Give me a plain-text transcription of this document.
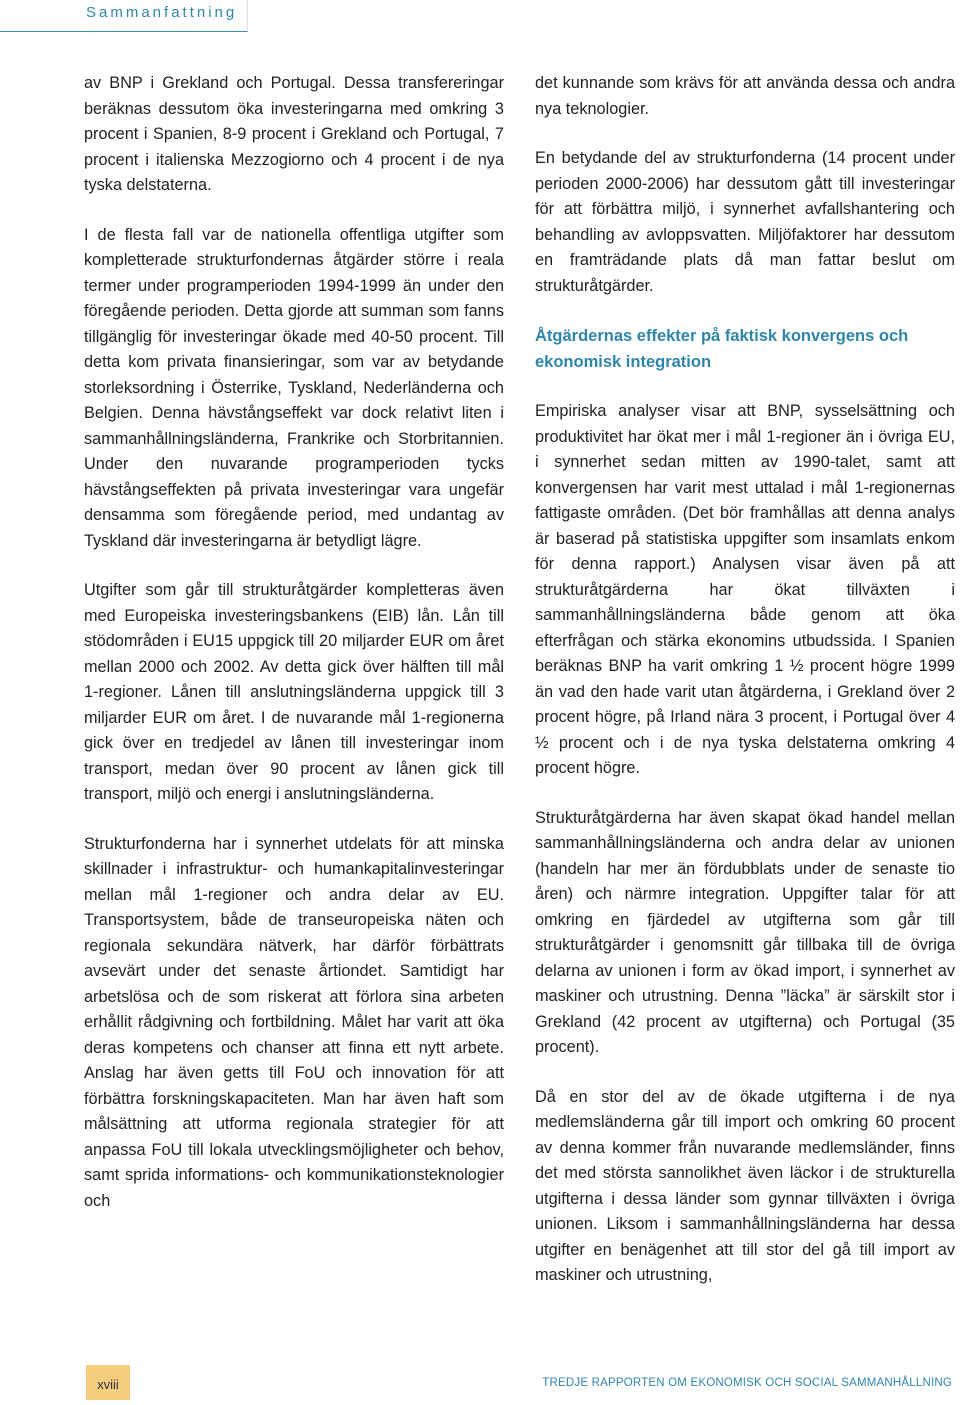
Sammanfattning

av BNP i Grekland och Portugal. Dessa transfereringar beräknas dessutom öka investeringarna med omkring 3 procent i Spanien, 8-9 procent i Grekland och Portugal, 7 procent i italienska Mezzogiorno och 4 procent i de nya tyska delstaterna.

I de flesta fall var de nationella offentliga utgifter som kompletterade strukturfondernas åtgärder större i reala termer under programperioden 1994-1999 än under den föregående perioden. Detta gjorde att summan som fanns tillgänglig för investeringar ökade med 40-50 procent. Till detta kom privata finansieringar, som var av betydande storleksordning i Österrike, Tyskland, Nederländerna och Belgien. Denna hävstångseffekt var dock relativt liten i sammanhållningsländerna, Frankrike och Storbritannien. Under den nuvarande programperioden tycks hävstångseffekten på privata investeringar vara ungefär densamma som föregående period, med undantag av Tyskland där investeringarna är betydligt lägre.

Utgifter som går till strukturåtgärder kompletteras även med Europeiska investeringsbankens (EIB) lån. Lån till stödområden i EU15 uppgick till 20 miljarder EUR om året mellan 2000 och 2002. Av detta gick över hälften till mål 1-regioner. Lånen till anslutningsländerna uppgick till 3 miljarder EUR om året. I de nuvarande mål 1-regionerna gick över en tredjedel av lånen till investeringar inom transport, medan över 90 procent av lånen gick till transport, miljö och energi i anslutningsländerna.

Strukturfonderna har i synnerhet utdelats för att minska skillnader i infrastruktur- och humankapitalinvesteringar mellan mål 1-regioner och andra delar av EU. Transportsystem, både de transeuropeiska näten och regionala sekundära nätverk, har därför förbättrats avsevärt under det senaste årtiondet. Samtidigt har arbetslösa och de som riskerat att förlora sina arbeten erhållit rådgivning och fortbildning. Målet har varit att öka deras kompetens och chanser att finna ett nytt arbete. Anslag har även getts till FoU och innovation för att förbättra forskningskapaciteten. Man har även haft som målsättning att utforma regionala strategier för att anpassa FoU till lokala utvecklingsmöjligheter och behov, samt sprida informations- och kommunikationsteknologier och

det kunnande som krävs för att använda dessa och andra nya teknologier.

En betydande del av strukturfonderna (14 procent under perioden 2000-2006) har dessutom gått till investeringar för att förbättra miljö, i synnerhet avfallshantering och behandling av avloppsvatten. Miljöfaktorer har dessutom en framträdande plats då man fattar beslut om strukturåtgärder.

Åtgärdernas effekter på faktisk konvergens och ekonomisk integration

Empiriska analyser visar att BNP, sysselsättning och produktivitet har ökat mer i mål 1-regioner än i övriga EU, i synnerhet sedan mitten av 1990-talet, samt att konvergensen har varit mest uttalad i mål 1-regionernas fattigaste områden. (Det bör framhållas att denna analys är baserad på statistiska uppgifter som insamlats enkom för denna rapport.) Analysen visar även på att strukturåtgärderna har ökat tillväxten i sammanhållningsländerna både genom att öka efterfrågan och stärka ekonomins utbudssida. I Spanien beräknas BNP ha varit omkring 1 ½ procent högre 1999 än vad den hade varit utan åtgärderna, i Grekland över 2 procent högre, på Irland nära 3 procent, i Portugal över 4 ½ procent och i de nya tyska delstaterna omkring 4 procent högre.

Strukturåtgärderna har även skapat ökad handel mellan sammanhållningsländerna och andra delar av unionen (handeln har mer än fördubblats under de senaste tio åren) och närmre integration. Uppgifter talar för att omkring en fjärdedel av utgifterna som går till strukturåtgärder i genomsnitt går tillbaka till de övriga delarna av unionen i form av ökad import, i synnerhet av maskiner och utrustning. Denna ”läcka” är särskilt stor i Grekland (42 procent av utgifterna) och Portugal (35 procent).

Då en stor del av de ökade utgifterna i de nya medlemsländerna går till import och omkring 60 procent av denna kommer från nuvarande medlemsländer, finns det med största sannolikhet även läckor i de strukturella utgifterna i dessa länder som gynnar tillväxten i övriga unionen. Liksom i sammanhållningsländerna har dessa utgifter en benägenhet att till stor del gå till import av maskiner och utrustning,

xviii	TREDJE RAPPORTEN OM EKONOMISK OCH SOCIAL SAMMANHÅLLNING
